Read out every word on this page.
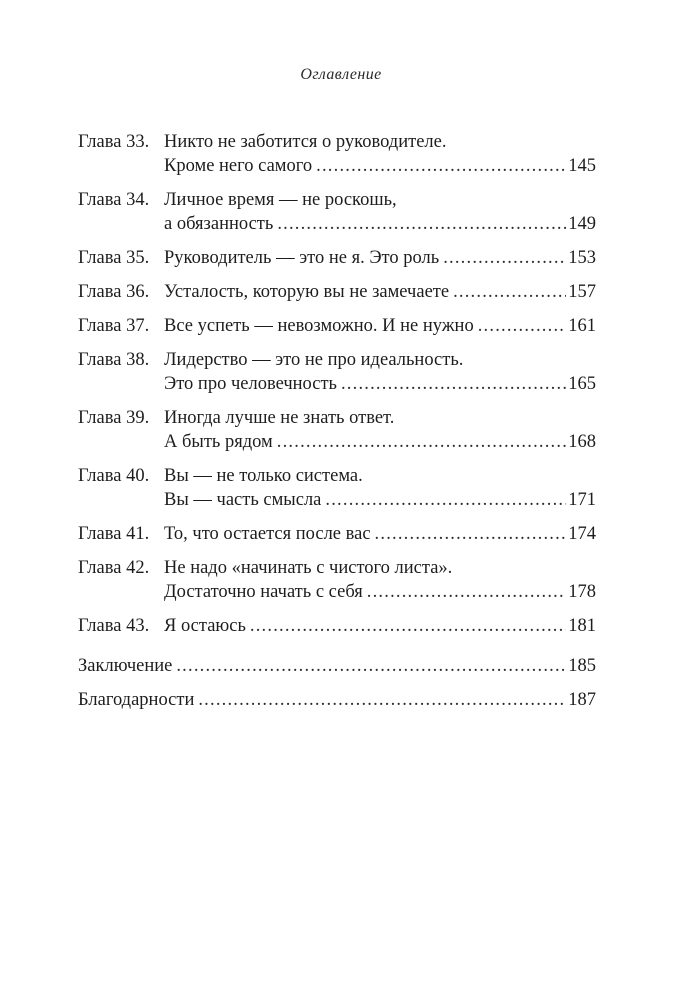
Оглавление
Глава 33. Никто не заботится о руководителе.
Кроме него самого .....	145
Глава 34. Личное время — не роскошь,
а обязанность .....	149
Глава 35. Руководитель — это не я. Это роль .....	153
Глава 36. Усталость, которую вы не замечаете .....	157
Глава 37. Все успеть — невозможно. И не нужно .....	161
Глава 38. Лидерство — это не про идеальность.
Это про человечность .....	165
Глава 39. Иногда лучше не знать ответ.
А быть рядом .....	168
Глава 40. Вы — не только система.
Вы — часть смысла .....	171
Глава 41. То, что остается после вас .....	174
Глава 42. Не надо «начинать с чистого листа».
Достаточно начать с себя .....	178
Глава 43. Я остаюсь .....	181
Заключение .....	185
Благодарности .....	187
